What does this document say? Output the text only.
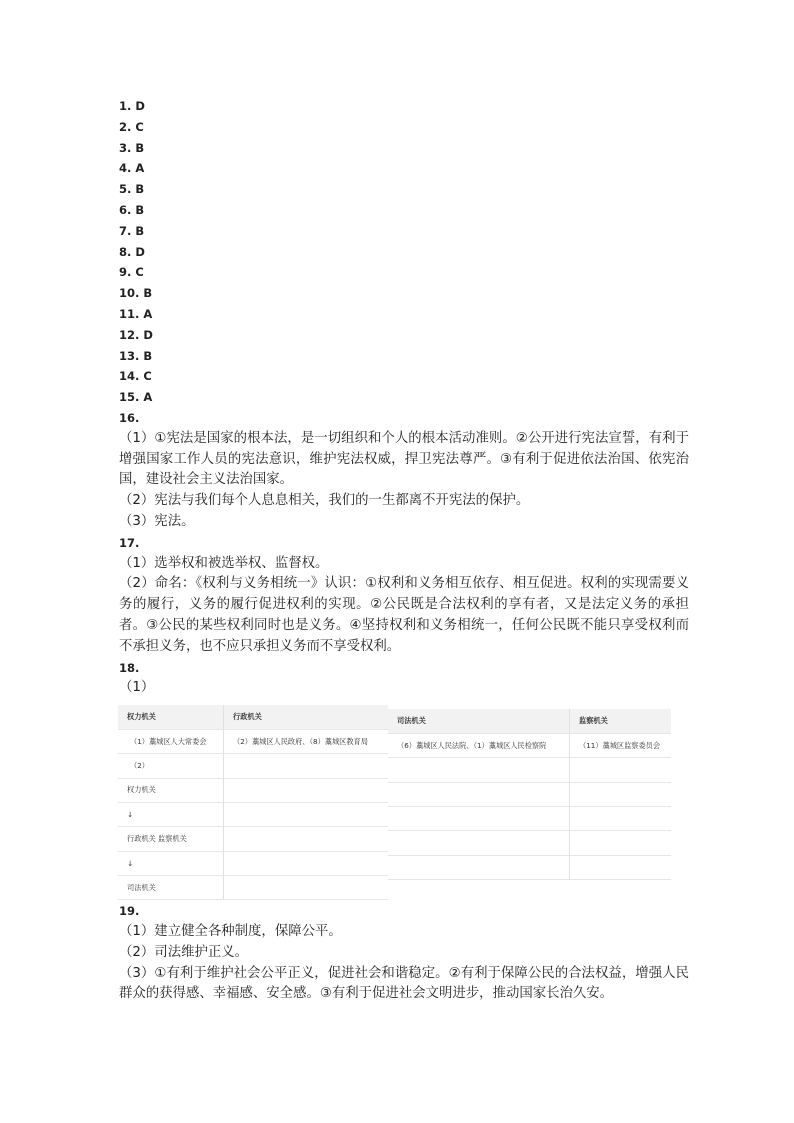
1. D
2. C
3. B
4. A
5. B
6. B
7. B
8. D
9. C
10. B
11. A
12. D
13. B
14. C
15. A
16.

（1）①宪法是国家的根本法，是一切组织和个人的根本活动准则。②公开进行宪法宣誓，有利于增强国家工作人员的宪法意识，维护宪法权威，捍卫宪法尊严。③有利于促进依法治国、依宪治国，建设社会主义法治国家。

（2）宪法与我们每个人息息相关，我们的一生都离不开宪法的保护。

（3）宪法。

17.

（1）选举权和被选举权、监督权。

（2）命名：《权利与义务相统一》认识：①权利和义务相互依存、相互促进。权利的实现需要义务的履行，义务的履行促进权利的实现。②公民既是合法权利的享有者，又是法定义务的承担者。③公民的某些权利同时也是义务。④坚持权利和义务相统一，任何公民既不能只享受权利而不承担义务，也不应只承担义务而不享受权利。

18.

（1）

权力机关	行政机关
（1）藁城区人大常委会	（2）藁城区人民政府、（8）藁城区教育局
（2）	
权力机关	
↓	
行政机关 监察机关	
↓	
司法机关	
司法机关	监察机关
（6）藁城区人民法院、（1）藁城区人民检察院	（11）藁城区监察委员会

19.

（1）建立健全各种制度，保障公平。

（2）司法维护正义。

（3）①有利于维护社会公平正义，促进社会和谐稳定。②有利于保障公民的合法权益，增强人民群众的获得感、幸福感、安全感。③有利于促进社会文明进步，推动国家长治久安。
